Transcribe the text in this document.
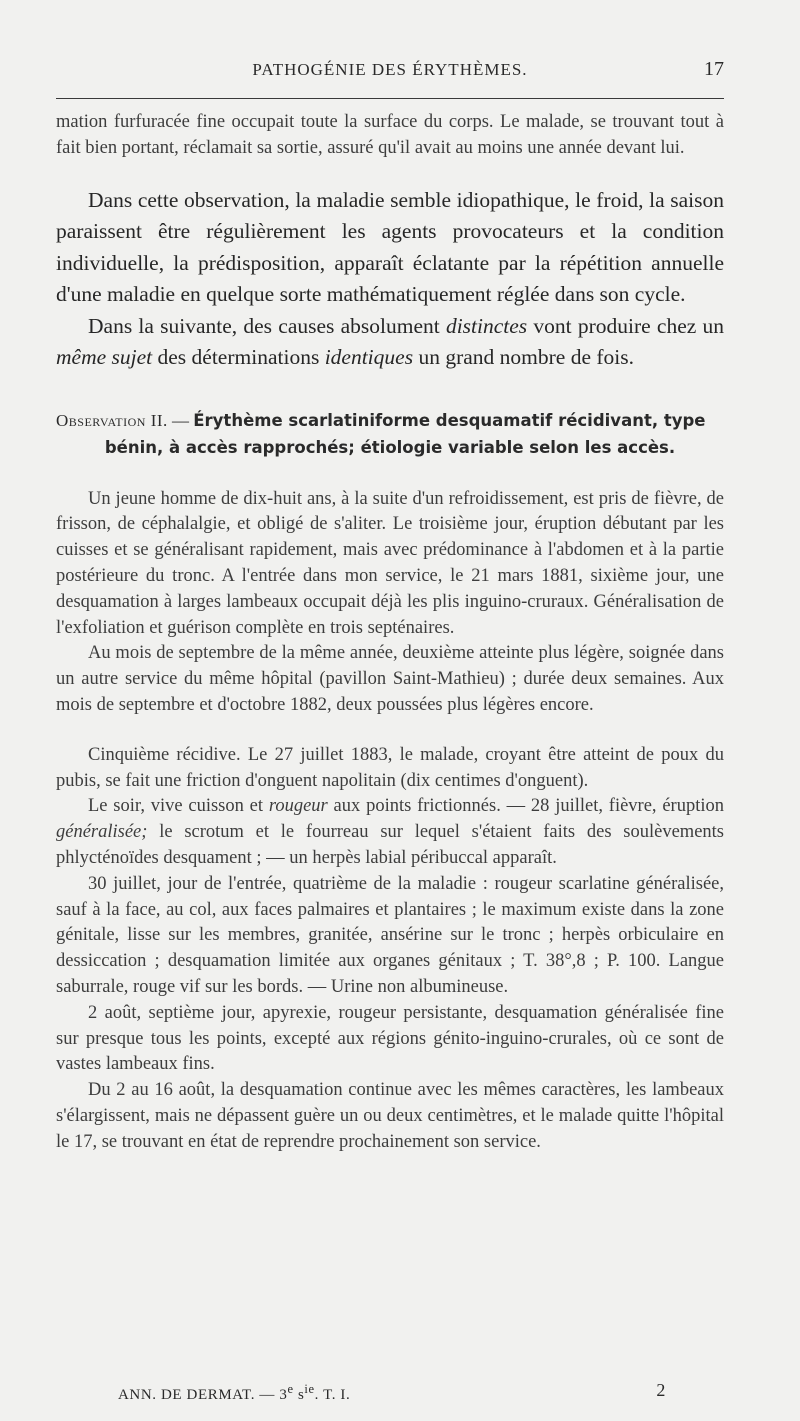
PATHOGÉNIE DES ÉRYTHÈMES.	17

mation furfuracée fine occupait toute la surface du corps. Le malade, se trouvant tout à fait bien portant, réclamait sa sortie, assuré qu'il avait au moins une année devant lui.

Dans cette observation, la maladie semble idiopathique, le froid, la saison paraissent être régulièrement les agents provocateurs et la condition individuelle, la prédisposition, apparaît éclatante par la répétition annuelle d'une maladie en quelque sorte mathématiquement réglée dans son cycle.

Dans la suivante, des causes absolument distinctes vont produire chez un même sujet des déterminations identiques un grand nombre de fois.

Observation II. — Érythème scarlatiniforme desquamatif récidivant, type
bénin, à accès rapprochés; étiologie variable selon les accès.

Un jeune homme de dix-huit ans, à la suite d'un refroidissement, est pris de fièvre, de frisson, de céphalalgie, et obligé de s'aliter. Le troisième jour, éruption débutant par les cuisses et se généralisant rapidement, mais avec prédominance à l'abdomen et à la partie postérieure du tronc. A l'entrée dans mon service, le 21 mars 1881, sixième jour, une desquamation à larges lambeaux occupait déjà les plis inguino-cruraux. Généralisation de l'exfoliation et guérison complète en trois septénaires.

Au mois de septembre de la même année, deuxième atteinte plus légère, soignée dans un autre service du même hôpital (pavillon Saint-Mathieu) ; durée deux semaines. Aux mois de septembre et d'octobre 1882, deux poussées plus légères encore.

Cinquième récidive. Le 27 juillet 1883, le malade, croyant être atteint de poux du pubis, se fait une friction d'onguent napolitain (dix centimes d'onguent).

Le soir, vive cuisson et rougeur aux points frictionnés. — 28 juillet, fièvre, éruption généralisée; le scrotum et le fourreau sur lequel s'étaient faits des soulèvements phlycténoïdes desquament ; — un herpès labial péribuccal apparaît.

30 juillet, jour de l'entrée, quatrième de la maladie : rougeur scarlatine généralisée, sauf à la face, au col, aux faces palmaires et plantaires ; le maximum existe dans la zone génitale, lisse sur les membres, granitée, ansérine sur le tronc ; herpès orbiculaire en dessiccation ; desquamation limitée aux organes génitaux ; T. 38°,8 ; P. 100. Langue saburrale, rouge vif sur les bords. — Urine non albumineuse.

2 août, septième jour, apyrexie, rougeur persistante, desquamation généralisée fine sur presque tous les points, excepté aux régions génito-inguino-crurales, où ce sont de vastes lambeaux fins.

Du 2 au 16 août, la desquamation continue avec les mêmes caractères, les lambeaux s'élargissent, mais ne dépassent guère un ou deux centimètres, et le malade quitte l'hôpital le 17, se trouvant en état de reprendre prochainement son service.

ANN. DE DERMAT. — 3e $s^{ie}$. T. I.	2
